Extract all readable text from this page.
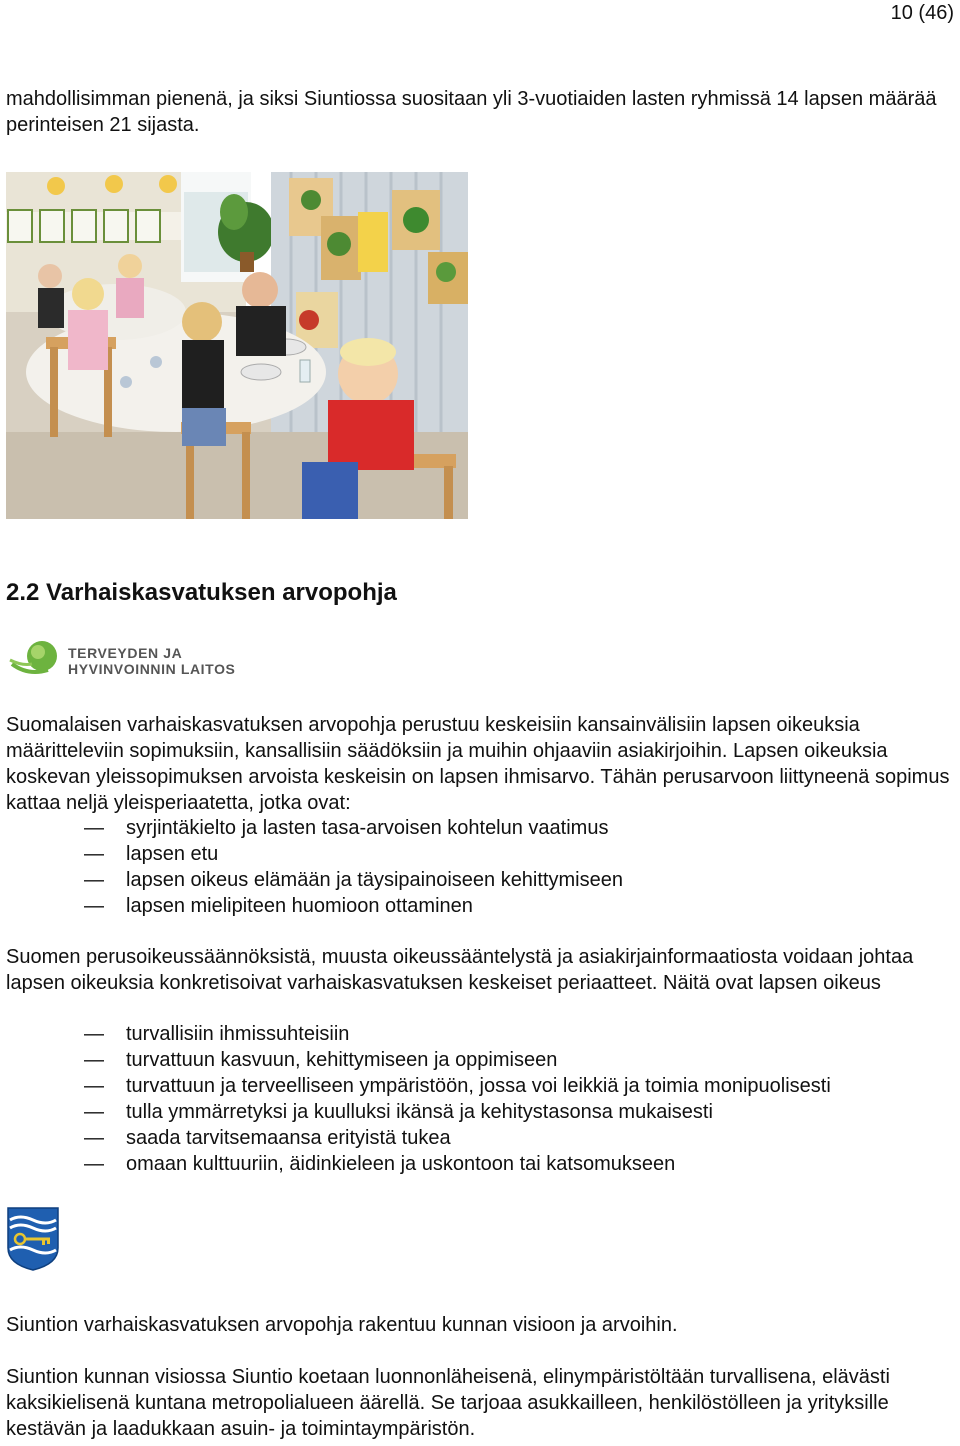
10 (46)

mahdollisimman pienenä, ja siksi Siuntiossa suositaan yli 3-vuotiaiden lasten ryhmissä 14 lapsen määrää perinteisen 21 sijasta.

2.2 Varhaiskasvatuksen arvopohja
TERVEYDEN JA
HYVINVOINNIN LAITOS

Suomalaisen varhaiskasvatuksen arvopohja perustuu keskeisiin kansainvälisiin lapsen oikeuksia määritteleviin sopimuksiin, kansallisiin säädöksiin ja muihin ohjaaviin asiakirjoihin. Lapsen oikeuksia koskevan yleissopimuksen arvoista keskeisin on lapsen ihmisarvo. Tähän perusarvoon liittyneenä sopimus kattaa neljä yleisperiaatetta, jotka ovat:

— syrjintäkielto ja lasten tasa-arvoisen kohtelun vaatimus
— lapsen etu
— lapsen oikeus elämään ja täysipainoiseen kehittymiseen
— lapsen mielipiteen huomioon ottaminen

Suomen perusoikeussäännöksistä, muusta oikeussääntelystä ja asiakirjainformaatiosta voidaan johtaa lapsen oikeuksia konkretisoivat varhaiskasvatuksen keskeiset periaatteet. Näitä ovat lapsen oikeus

— turvallisiin ihmissuhteisiin
— turvattuun kasvuun, kehittymiseen ja oppimiseen
— turvattuun ja terveelliseen ympäristöön, jossa voi leikkiä ja toimia monipuolisesti
— tulla ymmärretyksi ja kuulluksi ikänsä ja kehitystasonsa mukaisesti
— saada tarvitsemaansa erityistä tukea
— omaan kulttuuriin, äidinkieleen ja uskontoon tai katsomukseen

Siuntion varhaiskasvatuksen arvopohja rakentuu kunnan visioon ja arvoihin.

Siuntion kunnan visiossa Siuntio koetaan luonnonläheisenä, elinympäristöltään turvallisena, elävästi kaksikielisenä kuntana metropolialueen äärellä. Se tarjoaa asukkailleen, henkilöstölleen ja yrityksille kestävän ja laadukkaan asuin- ja toimintaympäristön.
